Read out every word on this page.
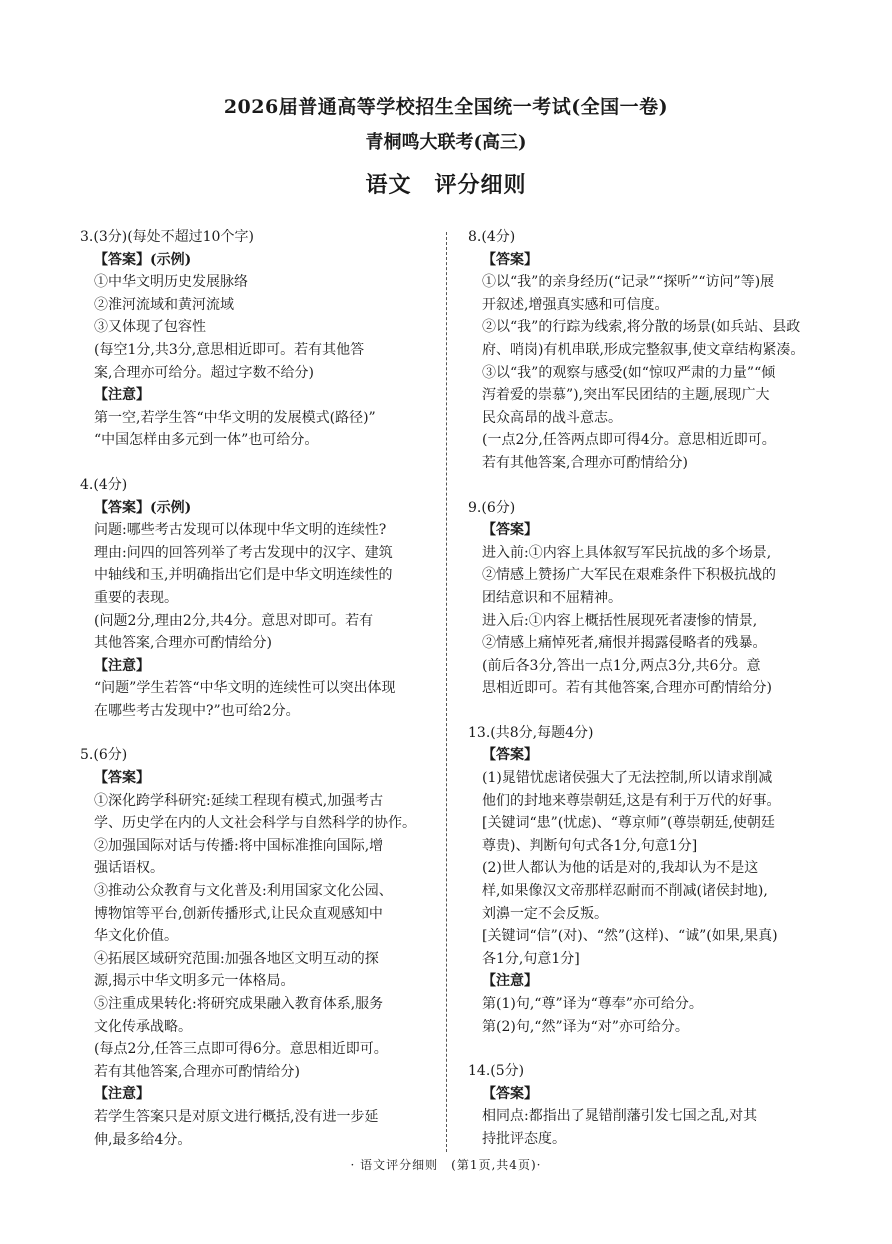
2026届普通高等学校招生全国统一考试(全国一卷)
青桐鸣大联考(高三)
语文　评分细则
3.(3分)(每处不超过10个字)
【答案】(示例)
①中华文明历史发展脉络
②淮河流域和黄河流域
③又体现了包容性
(每空1分,共3分,意思相近即可。若有其他答
案,合理亦可给分。超过字数不给分)
【注意】
第一空,若学生答“中华文明的发展模式(路径)”
“中国怎样由多元到一体”也可给分。
4.(4分)
【答案】(示例)
问题:哪些考古发现可以体现中华文明的连续性?
理由:问四的回答列举了考古发现中的汉字、建筑
中轴线和玉,并明确指出它们是中华文明连续性的
重要的表现。
(问题2分,理由2分,共4分。意思对即可。若有
其他答案,合理亦可酌情给分)
【注意】
“问题”学生若答“中华文明的连续性可以突出体现
在哪些考古发现中?”也可给2分。
5.(6分)
【答案】
①深化跨学科研究:延续工程现有模式,加强考古
学、历史学在内的人文社会科学与自然科学的协作。
②加强国际对话与传播:将中国标准推向国际,增
强话语权。
③推动公众教育与文化普及:利用国家文化公园、
博物馆等平台,创新传播形式,让民众直观感知中
华文化价值。
④拓展区域研究范围:加强各地区文明互动的探
源,揭示中华文明多元一体格局。
⑤注重成果转化:将研究成果融入教育体系,服务
文化传承战略。
(每点2分,任答三点即可得6分。意思相近即可。
若有其他答案,合理亦可酌情给分)
【注意】
若学生答案只是对原文进行概括,没有进一步延
伸,最多给4分。
8.(4分)
【答案】
①以“我”的亲身经历(“记录”“探听”“访问”等)展
开叙述,增强真实感和可信度。
②以“我”的行踪为线索,将分散的场景(如兵站、县政
府、哨岗)有机串联,形成完整叙事,使文章结构紧凑。
③以“我”的观察与感受(如“惊叹严肃的力量”“倾
泻着爱的崇慕”),突出军民团结的主题,展现广大
民众高昂的战斗意志。
(一点2分,任答两点即可得4分。意思相近即可。
若有其他答案,合理亦可酌情给分)
9.(6分)
【答案】
进入前:①内容上具体叙写军民抗战的多个场景,
②情感上赞扬广大军民在艰难条件下积极抗战的
团结意识和不屈精神。
进入后:①内容上概括性展现死者凄惨的情景,
②情感上痛悼死者,痛恨并揭露侵略者的残暴。
(前后各3分,答出一点1分,两点3分,共6分。意
思相近即可。若有其他答案,合理亦可酌情给分)
13.(共8分,每题4分)
【答案】
(1)晁错忧虑诸侯强大了无法控制,所以请求削减
他们的封地来尊崇朝廷,这是有利于万代的好事。
[关键词“患”(忧虑)、“尊京师”(尊崇朝廷,使朝廷
尊贵)、判断句句式各1分,句意1分]
(2)世人都认为他的话是对的,我却认为不是这
样,如果像汉文帝那样忍耐而不削减(诸侯封地),
刘濞一定不会反叛。
[关键词“信”(对)、“然”(这样)、“诚”(如果,果真)
各1分,句意1分]
【注意】
第(1)句,“尊”译为“尊奉”亦可给分。
第(2)句,“然”译为“对”亦可给分。
14.(5分)
【答案】
相同点:都指出了晁错削藩引发七国之乱,对其
持批评态度。
· 语文评分细则　(第1页,共4页)·
